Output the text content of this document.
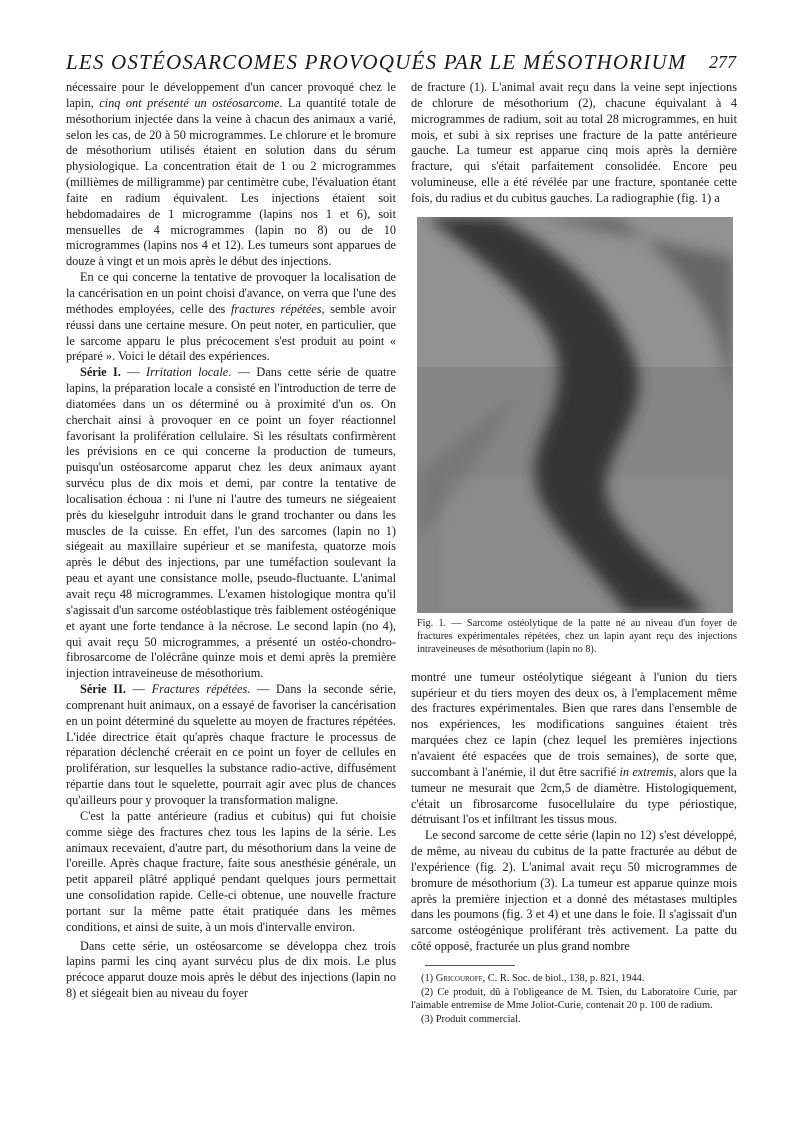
LES OSTÉOSARCOMES PROVOQUÉS PAR LE MÉSOTHORIUM 277

nécessaire pour le développement d'un cancer provoqué chez le lapin, cinq ont présenté un ostéosarcome. La quantité totale de mésothorium injectée dans la veine à chacun des animaux a varié, selon les cas, de 20 à 50 microgrammes. Le chlorure et le bromure de mésothorium utilisés étaient en solution dans du sérum physiologique. La concentration était de 1 ou 2 microgrammes (millièmes de milligramme) par centimètre cube, l'évaluation étant faite en radium équivalent. Les injections étaient soit hebdomadaires de 1 microgramme (lapins nos 1 et 6), soit mensuelles de 4 microgrammes (lapin no 8) ou de 10 microgrammes (lapins nos 4 et 12). Les tumeurs sont apparues de douze à vingt et un mois après le début des injections.

En ce qui concerne la tentative de provoquer la localisation de la cancérisation en un point choisi d'avance, on verra que l'une des méthodes employées, celle des fractures répétées, semble avoir réussi dans une certaine mesure. On peut noter, en particulier, que le sarcome apparu le plus précocement s'est produit au point « préparé ». Voici le détail des expériences.

Série I. — Irritation locale. — Dans cette série de quatre lapins, la préparation locale a consisté en l'introduction de terre de diatomées dans un os déterminé ou à proximité d'un os. On cherchait ainsi à provoquer en ce point un foyer réactionnel favorisant la prolifération cellulaire. Si les résultats confirmèrent les prévisions en ce qui concerne la production de tumeurs, puisqu'un ostéosarcome apparut chez les deux animaux ayant survécu plus de dix mois et demi, par contre la tentative de localisation échoua : ni l'une ni l'autre des tumeurs ne siégeaient près du kieselguhr introduit dans le grand trochanter ou dans les muscles de la cuisse. En effet, l'un des sarcomes (lapin no 1) siégeait au maxillaire supérieur et se manifesta, quatorze mois après le début des injections, par une tuméfaction soulevant la peau et ayant une consistance molle, pseudo-fluctuante. L'animal avait reçu 48 microgrammes. L'examen histologique montra qu'il s'agissait d'un sarcome ostéoblastique très faiblement ostéogénique et ayant une forte tendance à la nécrose. Le second lapin (no 4), qui avait reçu 50 microgrammes, a présenté un ostéo-chondro-fibrosarcome de l'olécrâne quinze mois et demi après la première injection intraveineuse de mésothorium.

Série II. — Fractures répétées. — Dans la seconde série, comprenant huit animaux, on a essayé de favoriser la cancérisation en un point déterminé du squelette au moyen de fractures répétées. L'idée directrice était qu'après chaque fracture le processus de réparation déclenché créerait en ce point un foyer de cellules en prolifération, sur lesquelles la substance radio-active, diffusément répartie dans tout le squelette, pourrait agir avec plus de chances qu'ailleurs pour y provoquer la transformation maligne.

C'est la patte antérieure (radius et cubitus) qui fut choisie comme siège des fractures chez tous les lapins de la série. Les animaux recevaient, d'autre part, du mésothorium dans la veine de l'oreille. Après chaque fracture, faite sous anesthésie générale, un petit appareil plâtré appliqué pendant quelques jours permettait une consolidation rapide. Celle-ci obtenue, une nouvelle fracture portant sur la même patte était pratiquée dans les mêmes conditions, et ainsi de suite, à un mois d'intervalle environ.

Dans cette série, un ostéosarcome se développa chez trois lapins parmi les cinq ayant survécu plus de dix mois. Le plus précoce apparut douze mois après le début des injections (lapin no 8) et siégeait bien au niveau du foyer

de fracture (1). L'animal avait reçu dans la veine sept injections de chlorure de mésothorium (2), chacune équivalant à 4 microgrammes de radium, soit au total 28 microgrammes, en huit mois, et subi à six reprises une fracture de la patte antérieure gauche. La tumeur est apparue cinq mois après la dernière fracture, qui s'était parfaitement consolidée. Encore peu volumineuse, elle a été révélée par une fracture, spontanée cette fois, du radius et du cubitus gauches. La radiographie (fig. 1) a

Fig. 1. — Sarcome ostéolytique de la patte né au niveau d'un foyer de fractures expérimentales répétées, chez un lapin ayant reçu des injections intraveineuses de mésothorium (lapin no 8).

montré une tumeur ostéolytique siégeant à l'union du tiers supérieur et du tiers moyen des deux os, à l'emplacement même des fractures expérimentales. Bien que rares dans l'ensemble de nos expériences, les modifications sanguines étaient très marquées chez ce lapin (chez lequel les premières injections n'avaient été espacées que de trois semaines), de sorte que, succombant à l'anémie, il dut être sacrifié in extremis, alors que la tumeur ne mesurait que 2cm,5 de diamètre. Histologiquement, c'était un fibrosarcome fusocellulaire du type périostique, détruisant l'os et infiltrant les tissus mous.

Le second sarcome de cette série (lapin no 12) s'est développé, de même, au niveau du cubitus de la patte fracturée au début de l'expérience (fig. 2). L'animal avait reçu 50 microgrammes de bromure de mésothorium (3). La tumeur est apparue quinze mois après la première injection et a donné des métastases multiples dans les poumons (fig. 3 et 4) et une dans le foie. Il s'agissait d'un sarcome ostéogénique proliférant très activement. La patte du côté opposé, fracturée un plus grand nombre

(1) Gricouroff, C. R. Soc. de biol., 138, p. 821, 1944.

(2) Ce produit, dû à l'obligeance de M. Tsien, du Laboratoire Curie, par l'aimable entremise de Mme Joliot-Curie, contenait 20 p. 100 de radium.

(3) Produit commercial.
